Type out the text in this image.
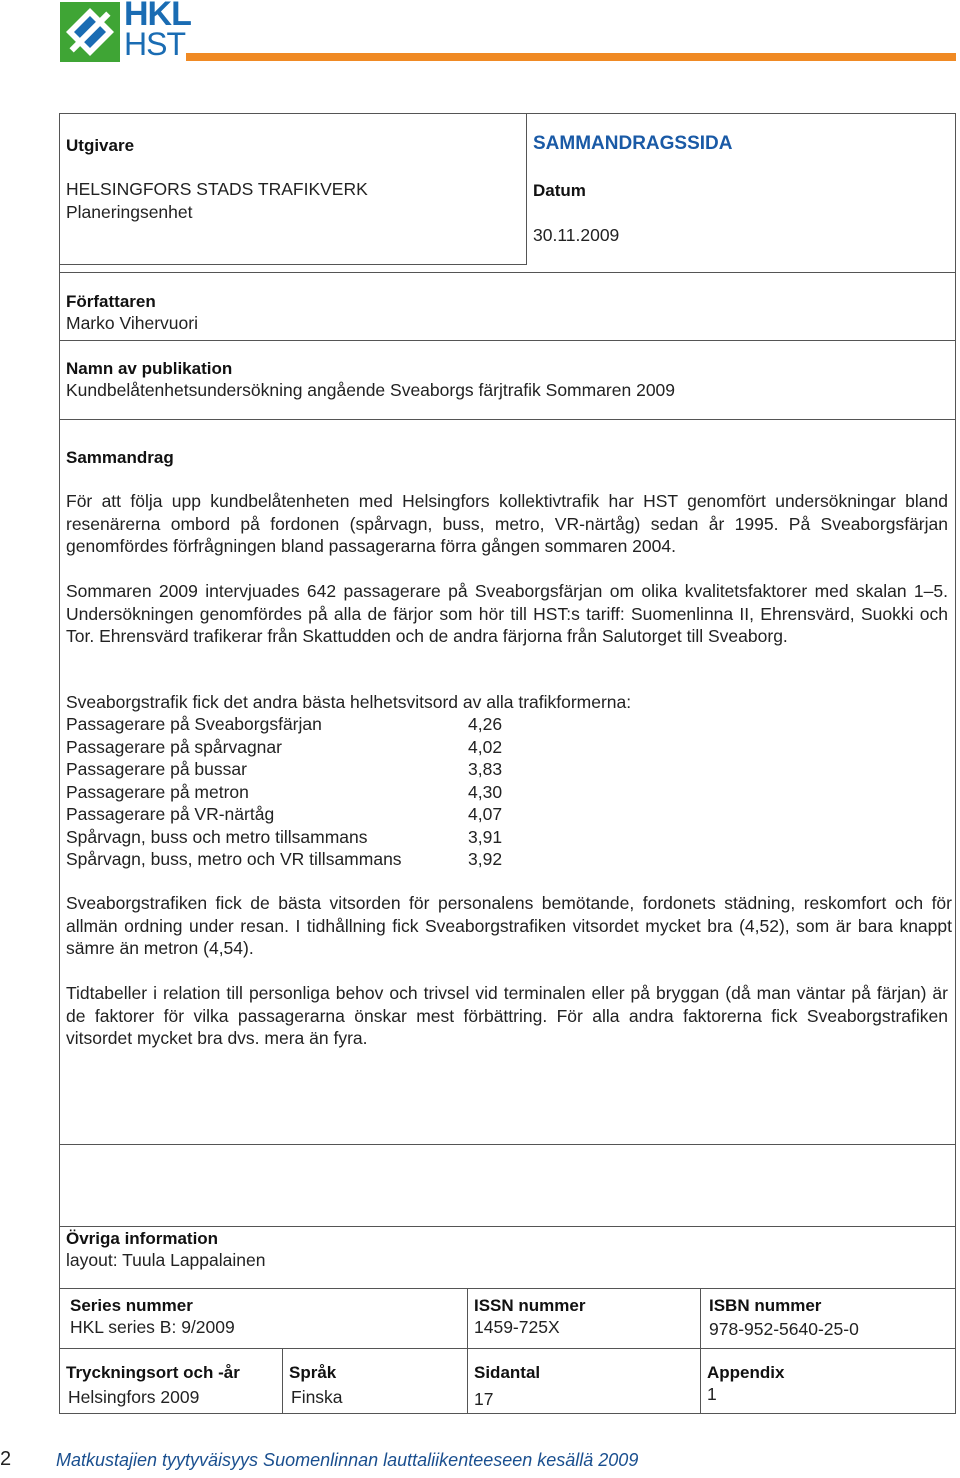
HKL
HST
Utgivare
HELSINGFORS STADS TRAFIKVERK
Planeringsenhet
SAMMANDRAGSSIDA
Datum
30.11.2009
Författaren
Marko Vihervuori
Namn av publikation
Kundbelåtenhetsundersökning angående Sveaborgs färjtrafik Sommaren 2009
Sammandrag
För att följa upp kundbelåtenheten med Helsingfors kollektivtrafik har HST genomfört undersökningar bland resenärerna ombord på fordonen (spårvagn, buss, metro, VR-närtåg) sedan år 1995. På Sveaborgsfärjan genomfördes förfrågningen bland passagerarna förra gången sommaren 2004.
Sommaren 2009 intervjuades 642 passagerare på Sveaborgsfärjan om olika kvalitetsfaktorer med skalan 1–5. Undersökningen genomfördes på alla de färjor som hör till HST:s tariff: Suomenlinna II, Ehrensvärd, Suokki och Tor. Ehrensvärd trafikerar från Skattudden och de andra färjorna från Salutorget till Sveaborg.
Sveaborgstrafik fick det andra bästa helhetsvitsord av alla trafikformerna:
Passagerare på Sveaborgsfärjan	4,26
Passagerare på spårvagnar	4,02
Passagerare på bussar	3,83
Passagerare på metron	4,30
Passagerare på VR-närtåg	4,07
Spårvagn, buss och metro tillsammans	3,91
Spårvagn, buss, metro och VR tillsammans	3,92
Sveaborgstrafiken fick de bästa vitsorden för personalens bemötande, fordonets städning, reskomfort och för allmän ordning under resan. I tidhållning fick Sveaborgstrafiken vitsordet mycket bra (4,52), som är bara knappt sämre än metron (4,54).
Tidtabeller i relation till personliga behov och trivsel vid terminalen eller på bryggan (då man väntar på färjan) är de faktorer för vilka passagerarna önskar mest förbättring. För alla andra faktorerna fick Sveaborgstrafiken vitsordet mycket bra dvs. mera än fyra.
Övriga information
layout: Tuula Lappalainen
Series nummer
HKL series B: 9/2009
ISSN nummer
1459-725X
ISBN nummer
978-952-5640-25-0
Tryckningsort och -år
Helsingfors 2009
Språk
Finska
Sidantal
17
Appendix
1
2 Matkustajien tyytyväisyys Suomenlinnan lauttaliikenteeseen kesällä 2009
